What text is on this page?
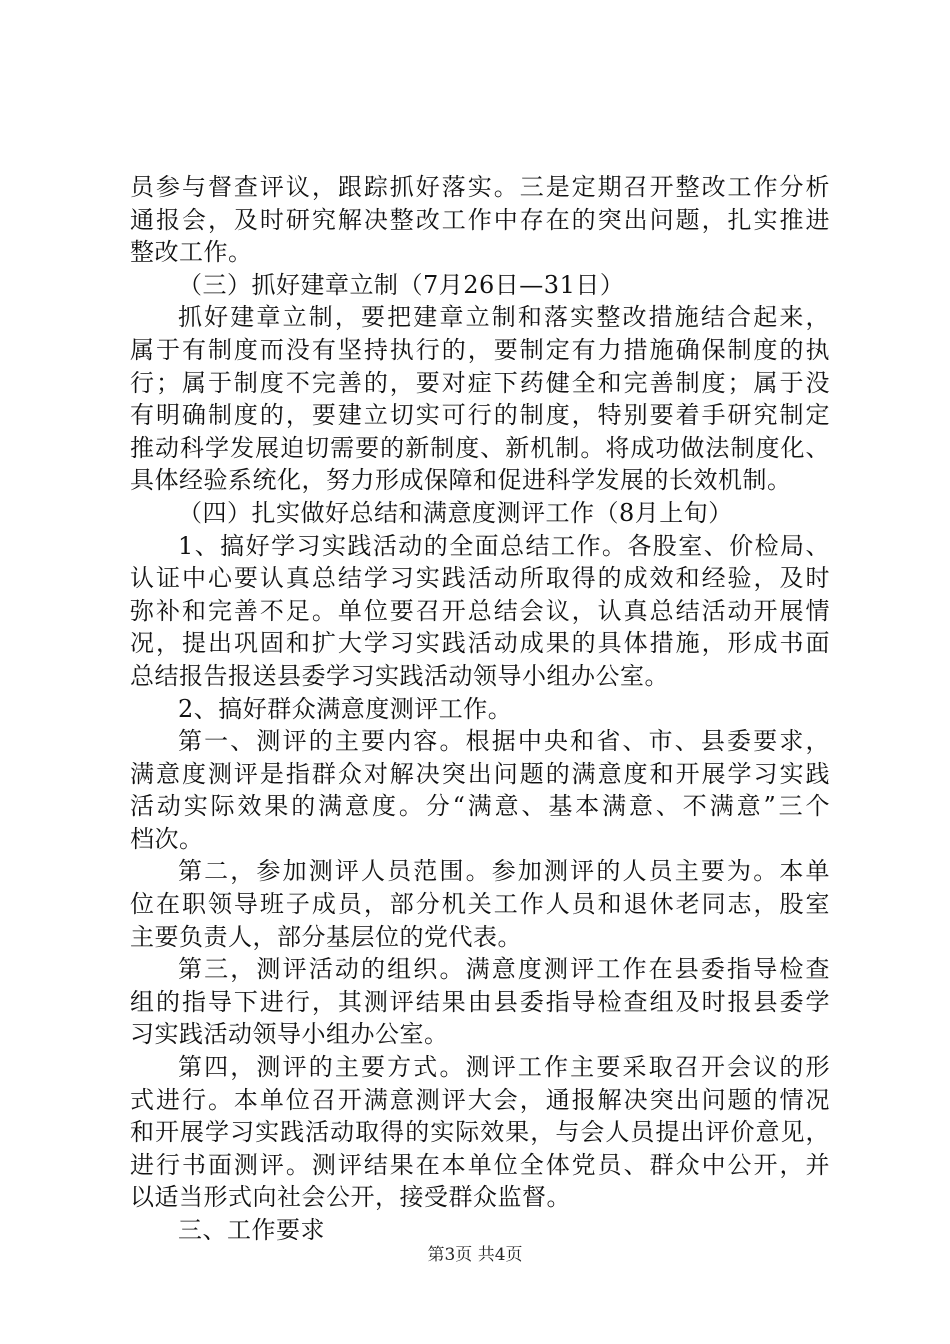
员参与督查评议，跟踪抓好落实。三是定期召开整改工作分析
通报会，及时研究解决整改工作中存在的突出问题，扎实推进
整改工作。
（三）抓好建章立制（7月26日—31日）
抓好建章立制，要把建章立制和落实整改措施结合起来，
属于有制度而没有坚持执行的，要制定有力措施确保制度的执
行；属于制度不完善的，要对症下药健全和完善制度；属于没
有明确制度的，要建立切实可行的制度，特别要着手研究制定
推动科学发展迫切需要的新制度、新机制。将成功做法制度化、
具体经验系统化，努力形成保障和促进科学发展的长效机制。
（四）扎实做好总结和满意度测评工作（8月上旬）
1、搞好学习实践活动的全面总结工作。各股室、价检局、
认证中心要认真总结学习实践活动所取得的成效和经验，及时
弥补和完善不足。单位要召开总结会议，认真总结活动开展情
况，提出巩固和扩大学习实践活动成果的具体措施，形成书面
总结报告报送县委学习实践活动领导小组办公室。
2、搞好群众满意度测评工作。
第一、测评的主要内容。根据中央和省、市、县委要求，
满意度测评是指群众对解决突出问题的满意度和开展学习实践
活动实际效果的满意度。分“满意、基本满意、不满意”三个
档次。
第二，参加测评人员范围。参加测评的人员主要为。本单
位在职领导班子成员，部分机关工作人员和退休老同志，股室
主要负责人，部分基层位的党代表。
第三，测评活动的组织。满意度测评工作在县委指导检查
组的指导下进行，其测评结果由县委指导检查组及时报县委学
习实践活动领导小组办公室。
第四，测评的主要方式。测评工作主要采取召开会议的形
式进行。本单位召开满意测评大会，通报解决突出问题的情况
和开展学习实践活动取得的实际效果，与会人员提出评价意见，
进行书面测评。测评结果在本单位全体党员、群众中公开，并
以适当形式向社会公开，接受群众监督。
三、工作要求
第3页 共4页
